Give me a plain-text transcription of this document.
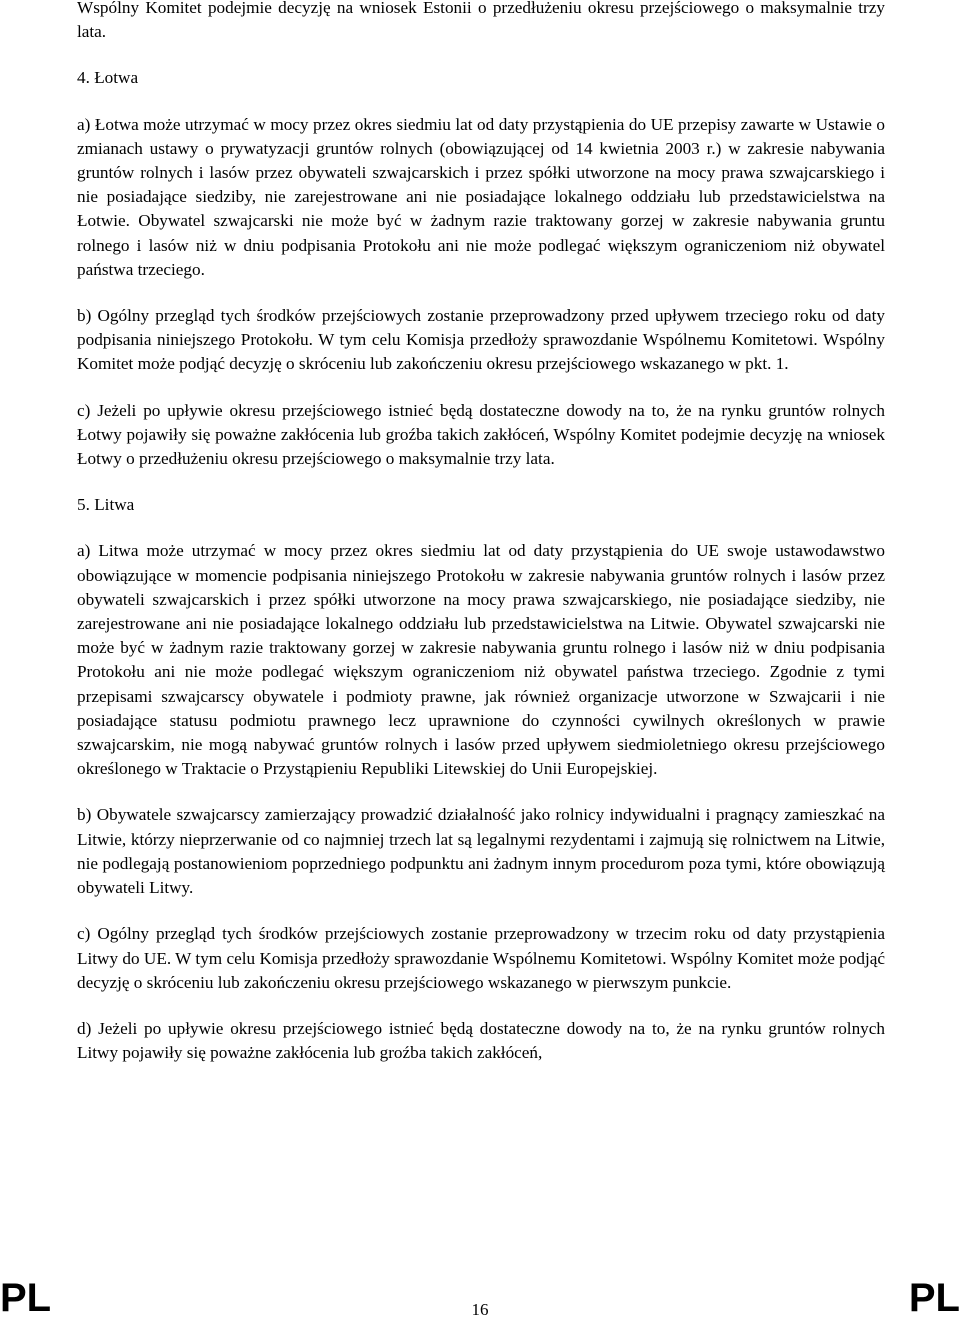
Wspólny Komitet podejmie decyzję na wniosek Estonii o przedłużeniu okresu przejściowego o maksymalnie trzy lata.

4. Łotwa

a) Łotwa może utrzymać w mocy przez okres siedmiu lat od daty przystąpienia do UE przepisy zawarte w Ustawie o zmianach ustawy o prywatyzacji gruntów rolnych (obowiązującej od 14 kwietnia 2003 r.) w zakresie nabywania gruntów rolnych i lasów przez obywateli szwajcarskich i przez spółki utworzone na mocy prawa szwajcarskiego i nie posiadające siedziby, nie zarejestrowane ani nie posiadające lokalnego oddziału lub przedstawicielstwa na Łotwie. Obywatel szwajcarski nie może być w żadnym razie traktowany gorzej w zakresie nabywania gruntu rolnego i lasów niż w dniu podpisania Protokołu ani nie może podlegać większym ograniczeniom niż obywatel państwa trzeciego.

b) Ogólny przegląd tych środków przejściowych zostanie przeprowadzony przed upływem trzeciego roku od daty podpisania niniejszego Protokołu. W tym celu Komisja przedłoży sprawozdanie Wspólnemu Komitetowi. Wspólny Komitet może podjąć decyzję o skróceniu lub zakończeniu okresu przejściowego wskazanego w pkt. 1.

c) Jeżeli po upływie okresu przejściowego istnieć będą dostateczne dowody na to, że na rynku gruntów rolnych Łotwy pojawiły się poważne zakłócenia lub groźba takich zakłóceń, Wspólny Komitet podejmie decyzję na wniosek Łotwy o przedłużeniu okresu przejściowego o maksymalnie trzy lata.

5. Litwa

a) Litwa może utrzymać w mocy przez okres siedmiu lat od daty przystąpienia do UE swoje ustawodawstwo obowiązujące w momencie podpisania niniejszego Protokołu w zakresie nabywania gruntów rolnych i lasów przez obywateli szwajcarskich i przez spółki utworzone na mocy prawa szwajcarskiego, nie posiadające siedziby, nie zarejestrowane ani nie posiadające lokalnego oddziału lub przedstawicielstwa na Litwie. Obywatel szwajcarski nie może być w żadnym razie traktowany gorzej w zakresie nabywania gruntu rolnego i lasów niż w dniu podpisania Protokołu ani nie może podlegać większym ograniczeniom niż obywatel państwa trzeciego. Zgodnie z tymi przepisami szwajcarscy obywatele i podmioty prawne, jak również organizacje utworzone w Szwajcarii i nie posiadające statusu podmiotu prawnego lecz uprawnione do czynności cywilnych określonych w prawie szwajcarskim, nie mogą nabywać gruntów rolnych i lasów przed upływem siedmioletniego okresu przejściowego określonego w Traktacie o Przystąpieniu Republiki Litewskiej do Unii Europejskiej.

b) Obywatele szwajcarscy zamierzający prowadzić działalność jako rolnicy indywidualni i pragnący zamieszkać na Litwie, którzy nieprzerwanie od co najmniej trzech lat są legalnymi rezydentami i zajmują się rolnictwem na Litwie, nie podlegają postanowieniom poprzedniego podpunktu ani żadnym innym procedurom poza tymi, które obowiązują obywateli Litwy.

c) Ogólny przegląd tych środków przejściowych zostanie przeprowadzony w trzecim roku od daty przystąpienia Litwy do UE. W tym celu Komisja przedłoży sprawozdanie Wspólnemu Komitetowi. Wspólny Komitet może podjąć decyzję o skróceniu lub zakończeniu okresu przejściowego wskazanego w pierwszym punkcie.

d) Jeżeli po upływie okresu przejściowego istnieć będą dostateczne dowody na to, że na rynku gruntów rolnych Litwy pojawiły się poważne zakłócenia lub groźba takich zakłóceń,

PL	16	PL
